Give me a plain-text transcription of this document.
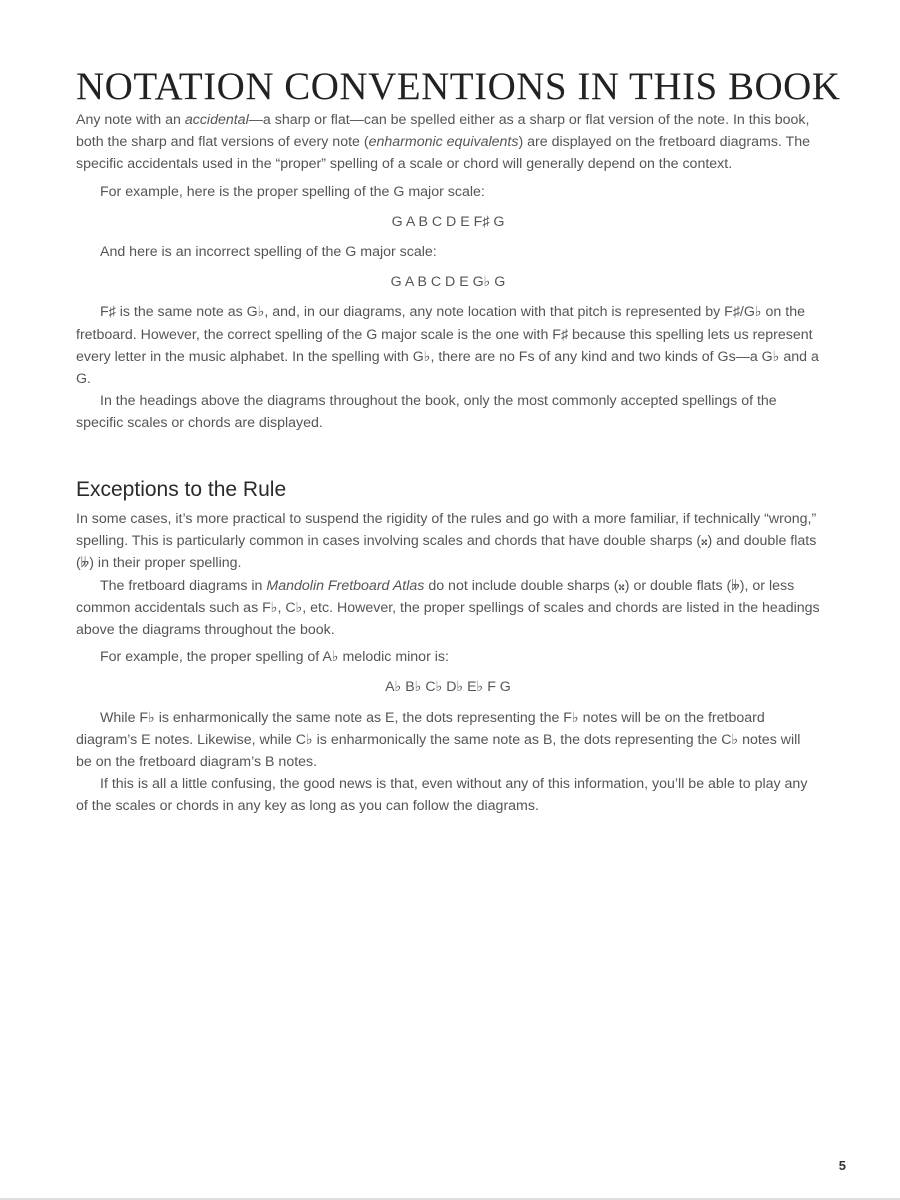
NOTATION CONVENTIONS IN THIS BOOK

Any note with an accidental—a sharp or flat—can be spelled either as a sharp or flat version of the note. In this book, both the sharp and flat versions of every note (enharmonic equivalents) are displayed on the fretboard diagrams. The specific accidentals used in the “proper” spelling of a scale or chord will generally depend on the context.

For example, here is the proper spelling of the G major scale:

G A B C D E F♯ G

And here is an incorrect spelling of the G major scale:

G A B C D E G♭ G

F♯ is the same note as G♭, and, in our diagrams, any note location with that pitch is represented by F♯/G♭ on the fretboard. However, the correct spelling of the G major scale is the one with F♯ because this spelling lets us represent every letter in the music alphabet. In the spelling with G♭, there are no Fs of any kind and two kinds of Gs—a G♭ and a G.

In the headings above the diagrams throughout the book, only the most commonly accepted spellings of the specific scales or chords are displayed.

Exceptions to the Rule

In some cases, it’s more practical to suspend the rigidity of the rules and go with a more familiar, if technically “wrong,” spelling. This is particularly common in cases involving scales and chords that have double sharps (𝄪) and double flats (𝄫) in their proper spelling.

The fretboard diagrams in Mandolin Fretboard Atlas do not include double sharps (𝄪) or double flats (𝄫), or less common accidentals such as F♭, C♭, etc. However, the proper spellings of scales and chords are listed in the headings above the diagrams throughout the book.

For example, the proper spelling of A♭ melodic minor is:

A♭ B♭ C♭ D♭ E♭ F G

While F♭ is enharmonically the same note as E, the dots representing the F♭ notes will be on the fretboard diagram’s E notes. Likewise, while C♭ is enharmonically the same note as B, the dots representing the C♭ notes will be on the fretboard diagram’s B notes.

If this is all a little confusing, the good news is that, even without any of this information, you’ll be able to play any of the scales or chords in any key as long as you can follow the diagrams.

5
